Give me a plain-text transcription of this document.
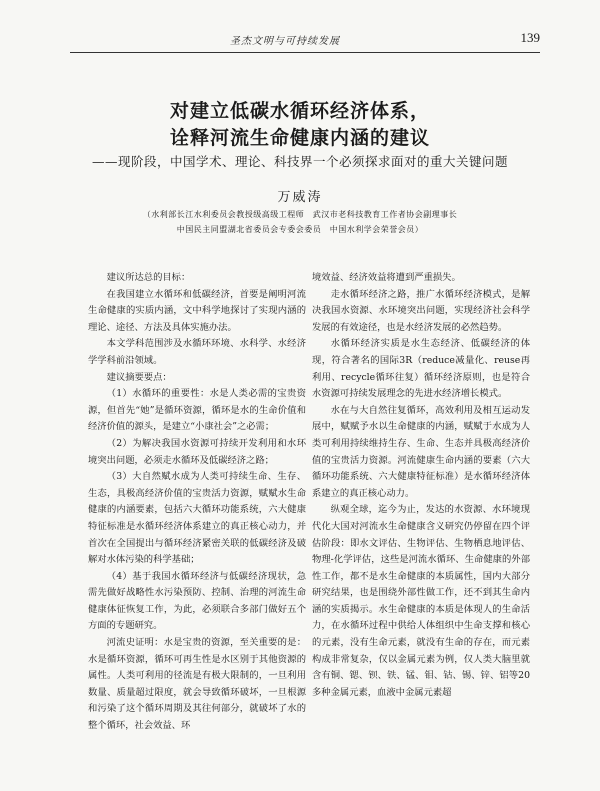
圣杰文明与可持续发展	139
对建立低碳水循环经济体系，
诠释河流生命健康内涵的建议
——现阶段，中国学术、理论、科技界一个必须探求面对的重大关键问题
万威涛
（水利部长江水利委员会教授级高级工程师　武汉市老科技教育工作者协会副理事长
中国民主同盟湖北省委员会专委会委员　中国水利学会荣誉会员）

建议所达总的目标：

在我国建立水循环和低碳经济，首要是阐明河流生命健康的实质内涵，文中科学地探讨了实现内涵的理论、途径、方法及具体实施办法。

本文学科范围涉及水循环环境、水科学、水经济学学科前沿领域。

建议摘要要点：

（1）水循环的重要性：水是人类必需的宝贵资源，但首先“她”是循环资源，循环是水的生命价值和经济价值的源头，是建立“小康社会”之必需；

（2）为解决我国水资源可持续开发利用和水环境突出问题，必须走水循环及低碳经济之路；

（3）大自然赋水成为人类可持续生命、生存、生态，具极高经济价值的宝贵活力资源，赋赋水生命健康的内涵要素，包括六大循环功能系统，六大健康特征标准是水循环经济体系建立的真正核心动力，并首次在全国提出与循环经济紧密关联的低碳经济及破解对水体污染的科学基础；

（4）基于我国水循环经济与低碳经济现状，急需先做好战略性水污染预防、控制、治理的河流生命健康体征恢复工作，为此，必须联合多部门做好五个方面的专题研究。

河流史证明：水是宝贵的资源，至关重要的是：水是循环资源，循环可再生性是水区别于其他资源的属性。人类可利用的径流是有极大限制的，一旦利用数量、质量超过限度，就会导致循环破坏，一旦根源和污染了这个循环周期及其往何部分，就破坏了水的整个循环，社会效益、环

境效益、经济效益将遭到严重损失。

走水循环经济之路，推广水循环经济模式，是解决我国水资源、水环境突出问题，实现经济社会科学发展的有效途径，也是水经济发展的必然趋势。

水循环经济实质是水生态经济、低碳经济的体现，符合著名的国际3R（reduce减量化、reuse再利用、recycle循环往复）循环经济原则，也是符合水资源可持续发展理念的先进水经济增长模式。

水在与大自然往复循环，高效利用及相互运动发展中，赋赋予水以生命健康的内涵，赋赋于水成为人类可利用持续维持生存、生命、生态并具极高经济价值的宝贵活力资源。河流健康生命内涵的要素（六大循环功能系统、六大健康特征标准）是水循环经济体系建立的真正核心动力。

纵观全球，迄今为止，发达的水资源、水环境现代化大国对河流水生命健康含义研究仍停留在四个评估阶段：即水文评估、生物评估、生物栖息地评估、物理-化学评估，这些是河流水循环、生命健康的外部性工作，都不是水生命健康的本质属性，国内大部分研究结果，也是围绕外部性做工作，还不到其生命内涵的实质揭示。水生命健康的本质是体现人的生命活力，在水循环过程中供给人体组织中生命支撑和核心的元素，没有生命元素，就没有生命的存在，而元素构成非常复杂，仅以金属元素为例，仅人类大脑里就含有铜、锶、钡、铁、锰、钼、钴、锡、锌、铝等20多种金属元素，血液中金属元素超
